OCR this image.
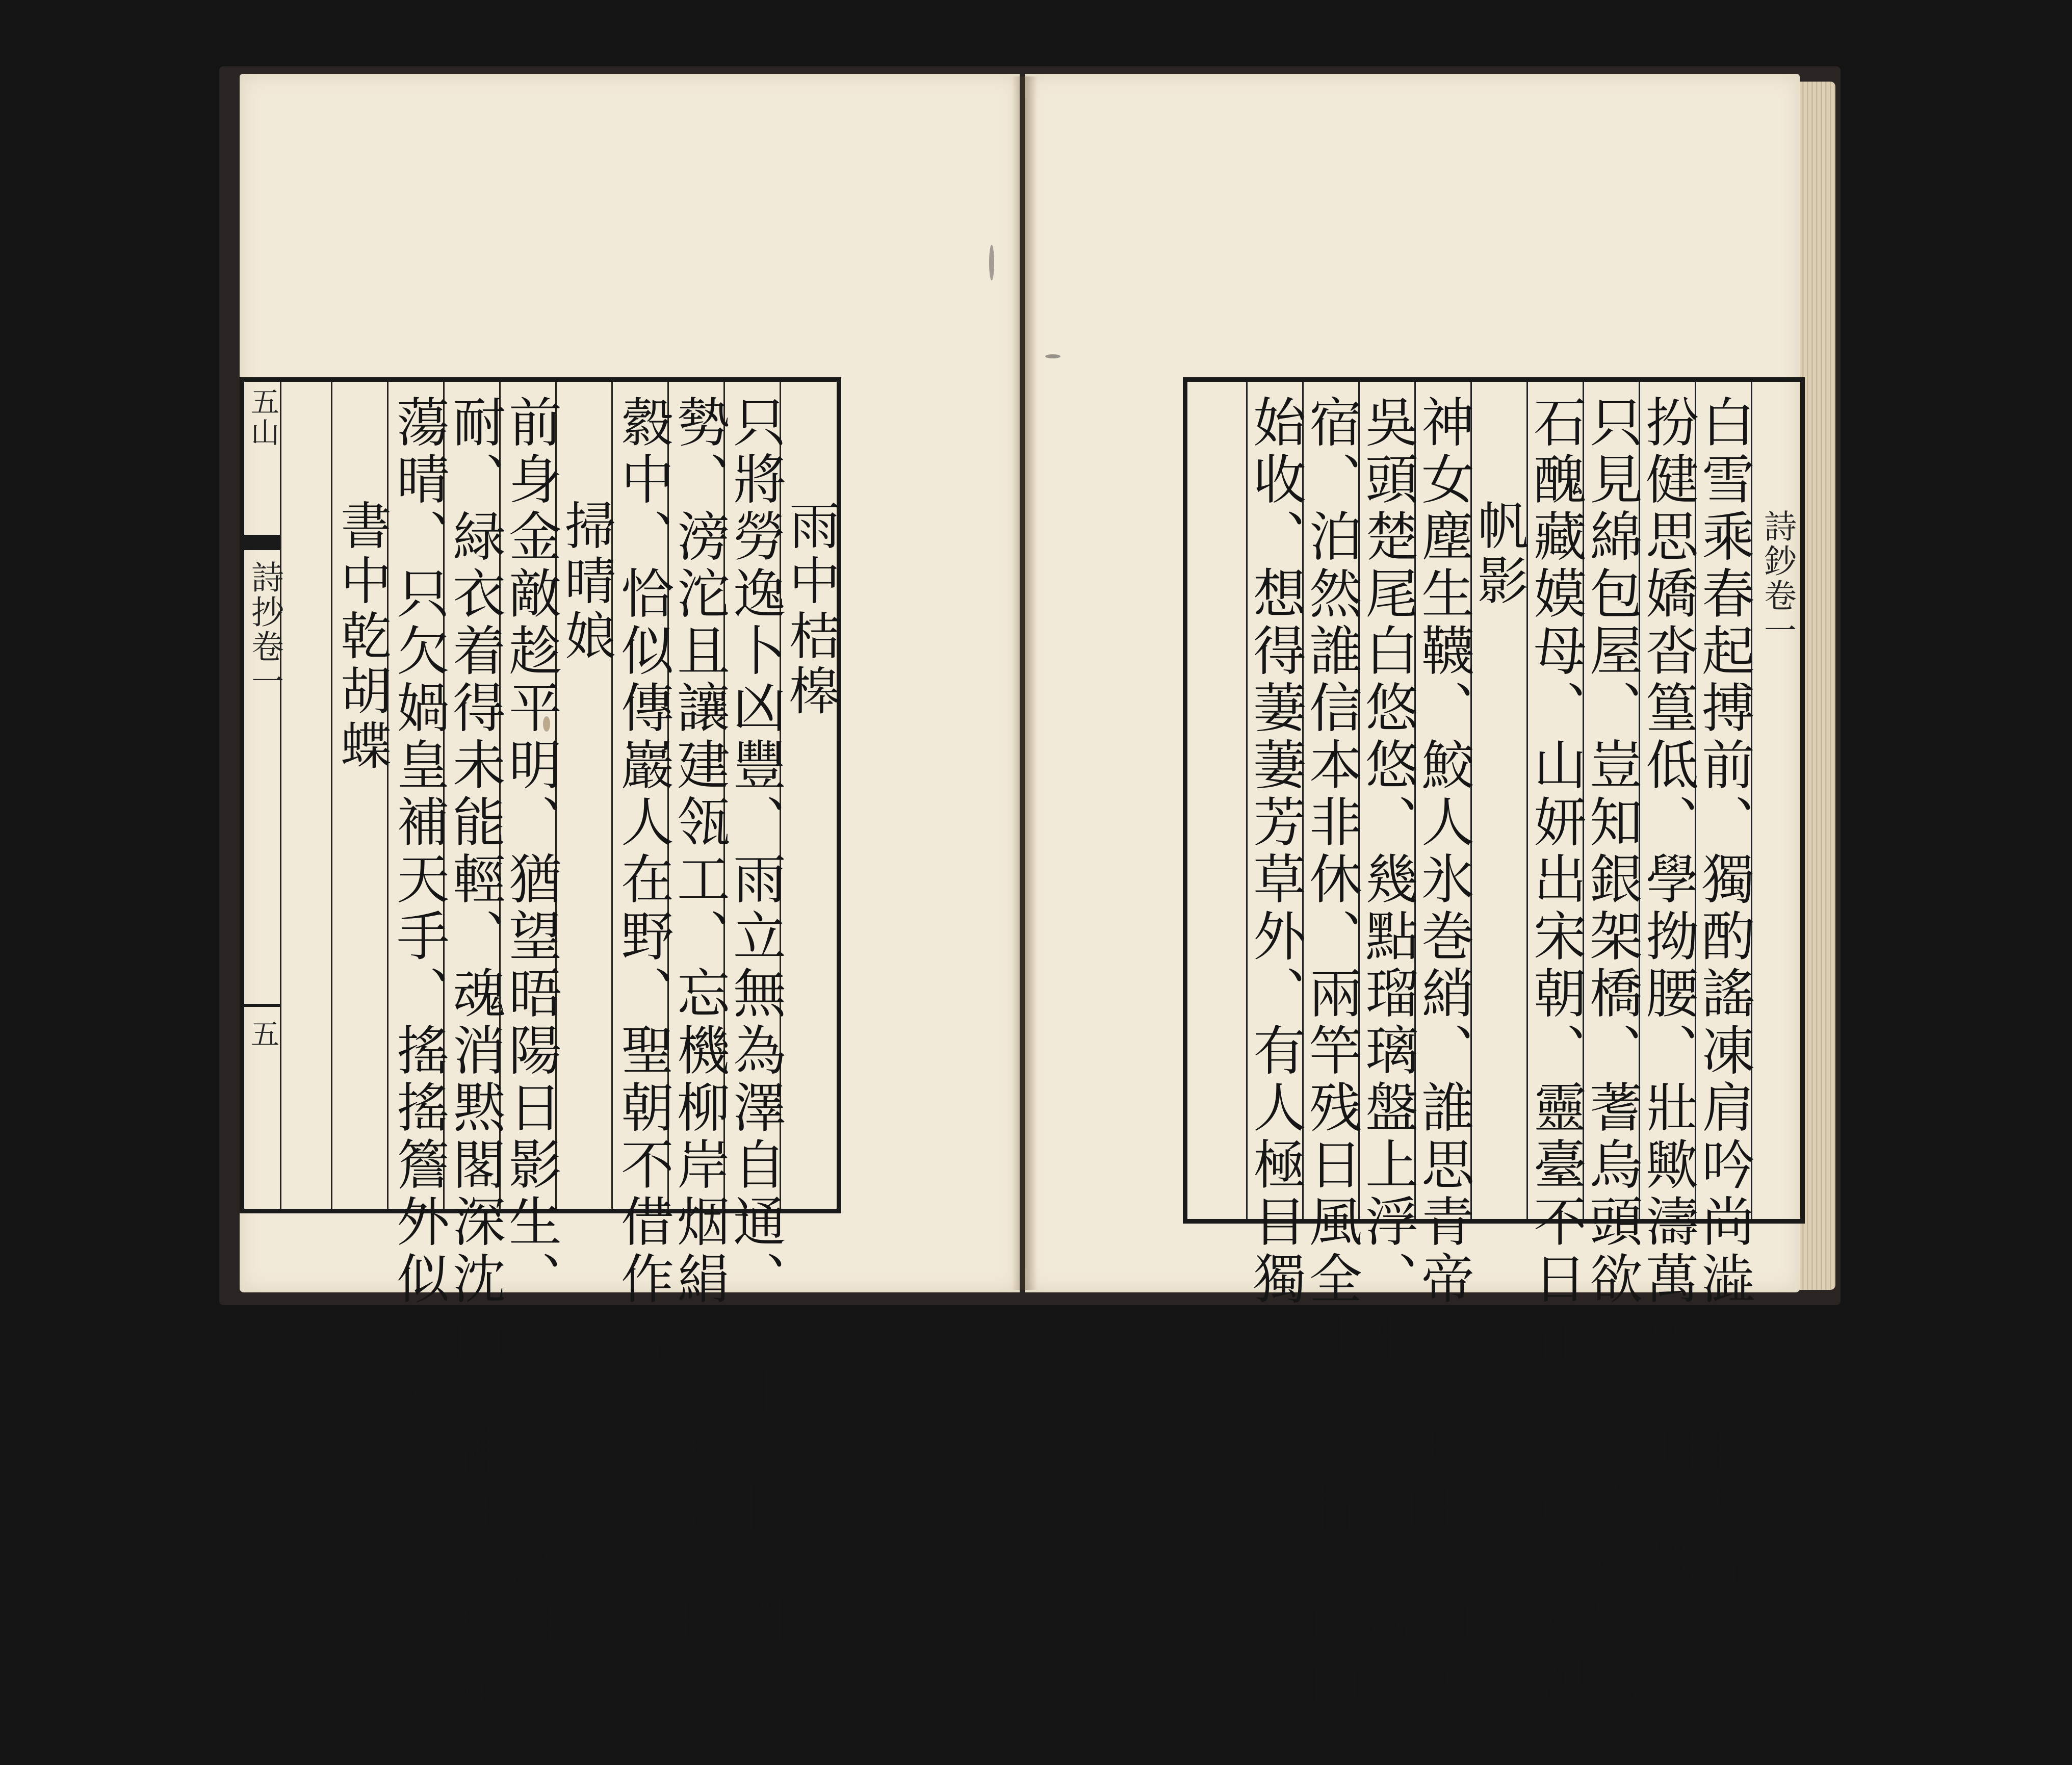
五山
詩抄卷一
五
雨中桔槔
只將勞逸卜凶豐、雨立無為澤自通、咿軋全收搂瀏
勢、滂沱且讓建瓴工、忘機柳岸烟絹外、蘸影秋田水
縠中、恰似傳巖人在野、聖朝不借作霖功、
掃晴娘
前身金敵趁平明、猶望晤陽日影生、翠帚奉来纔自
耐、緑衣着得未能輕、魂消黙閣深沈雨、神往芳亰駘
蕩晴、只欠媧皇補天手、搖搖簷外似懸旌、
書中乾胡蝶	詩鈔卷一
白雪乘春起搏前、獨酌謠凍肩吟尚澁、冷肚醉先消、
扮健思嬌沓篁低、學拗腰、壯歟濤萬疊、明寶燭三條、
只見綿包屋、豈知銀架橋、蓍烏頭欲變、門犬尾頻搖、
石醜藏嫫母、山妍出宋朝、靈臺不日作、周道奈風飄、
帆影
神女塵生韈、鮫人氷巻綃、誰思青帝宴、珠玉賁加鏡、
吳頭楚尾白悠悠、幾點瑠璃盤上浮、飛去不知何處
宿、泊然誰信本非休、兩竿残日風全死、一析青山雨
始收、想得萋萋芳草外、有人極目獨憑樓、
